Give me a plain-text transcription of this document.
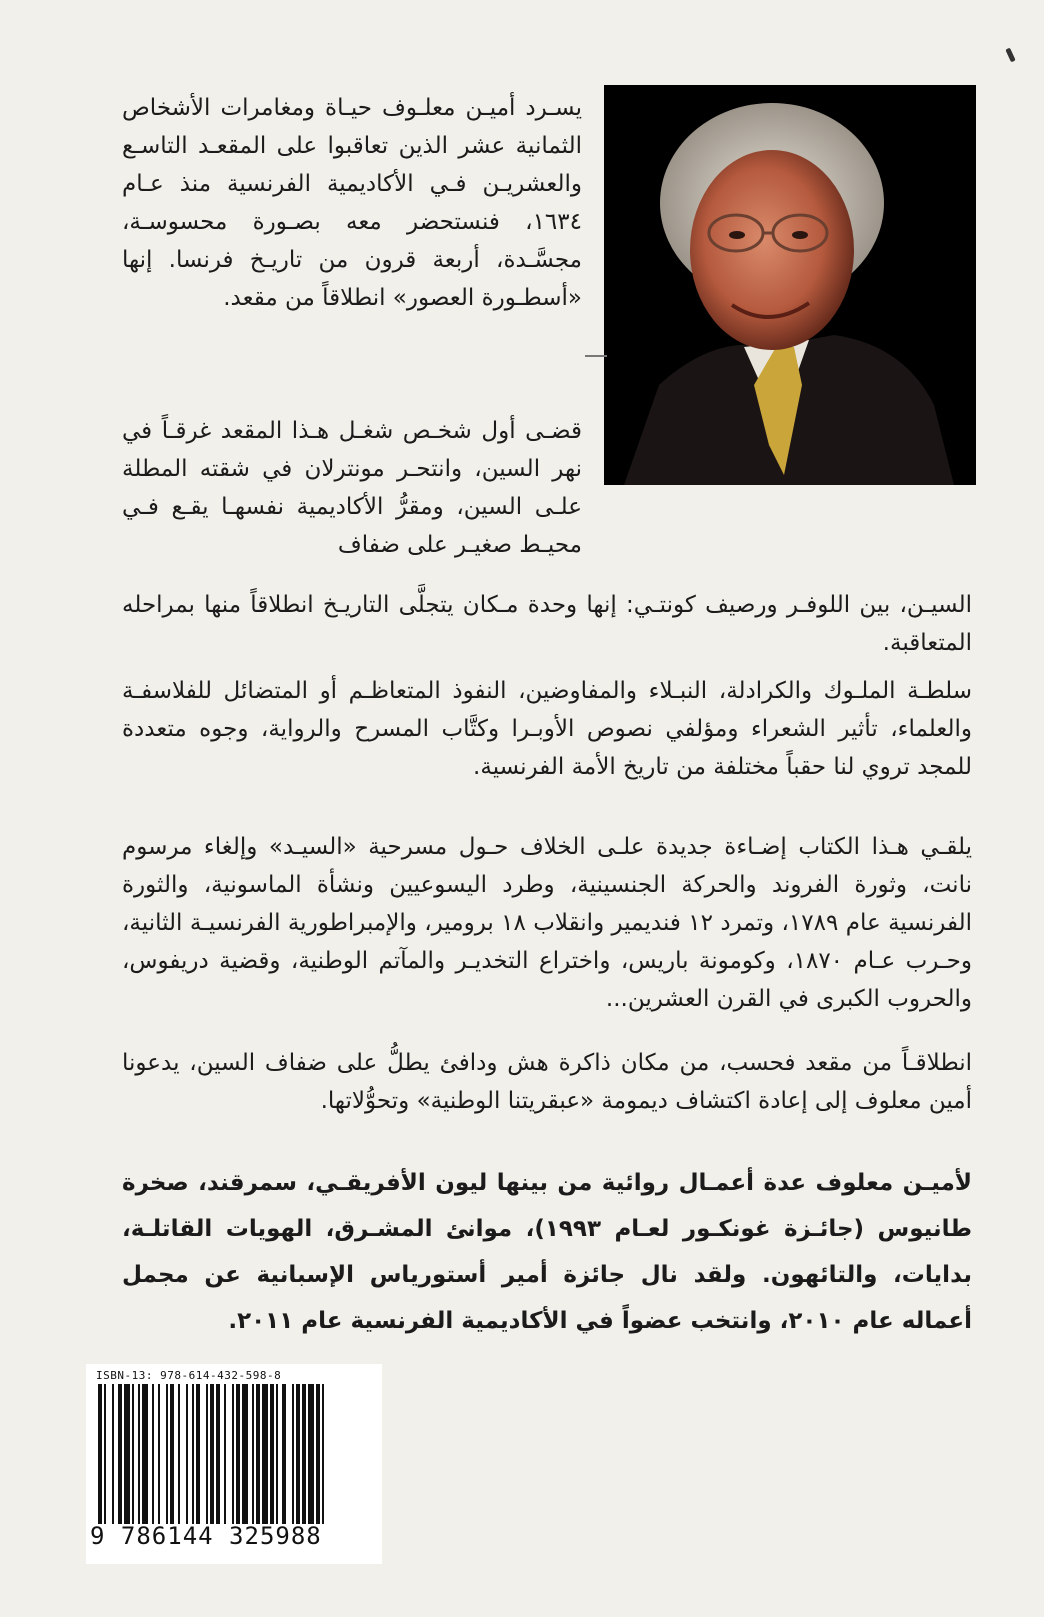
يسـرد أميـن معلـوف حيـاة ومغامرات الأشخاص الثمانية عشر الذين تعاقبوا على المقعـد التاسـع والعشريـن فـي الأكاديمية الفرنسية منذ عـام ١٦٣٤، فنستحضر معه بصـورة محسوسـة، مجسَّـدة، أربعة قرون من تاريـخ فرنسا. إنها «أسطـورة العصور» انطلاقاً من مقعد.

قضـى أول شخـص شغـل هـذا المقعد غرقـاً في نهر السين، وانتحـر مونترلان في شقته المطلة علـى السين، ومقرُّ الأكاديمية نفسهـا يقـع فـي محيـط صغيـر على ضفاف

السيـن، بين اللوفـر ورصيف كونتـي: إنها وحدة مـكان يتجلَّى التاريـخ انطلاقاً منها بمراحله المتعاقبة.

سلطـة الملـوك والكرادلة، النبـلاء والمفاوضين، النفوذ المتعاظـم أو المتضائل للفلاسفـة والعلماء، تأثير الشعراء ومؤلفي نصوص الأوبـرا وكتَّاب المسرح والرواية، وجوه متعددة للمجد تروي لنا حقباً مختلفة من تاريخ الأمة الفرنسية.

يلقـي هـذا الكتاب إضـاءة جديدة علـى الخلاف حـول مسرحية «السيـد» وإلغاء مرسوم نانت، وثورة الفروند والحركة الجنسينية، وطرد اليسوعيين ونشأة الماسونية، والثورة الفرنسية عام ١٧٨٩، وتمرد ١٢ فنديمير وانقلاب ١٨ برومير، والإمبراطورية الفرنسيـة الثانية، وحـرب عـام ١٨٧٠، وكومونة باريس، واختراع التخديـر والمآتم الوطنية، وقضية دريفوس، والحروب الكبرى في القرن العشرين...

انطلاقـاً من مقعد فحسب، من مكان ذاكرة هش ودافئ يطلُّ على ضفاف السين، يدعونا أمين معلوف إلى إعادة اكتشاف ديمومة «عبقريتنا الوطنية» وتحوُّلاتها.

لأميـن معلوف عدة أعمـال روائية من بينها ليون الأفريقـي، سمرقند، صخرة طانيوس (جائـزة غونكـور لعـام ١٩٩٣)، موانئ المشـرق، الهويات القاتلـة، بدايات، والتائهون. ولقد نال جائزة أمير أستورياس الإسبانية عن مجمل أعماله عام ٢٠١٠، وانتخب عضواً في الأكاديمية الفرنسية عام ٢٠١١.

ISBN-13: 978-614-432-598-8
9 786144 325988
